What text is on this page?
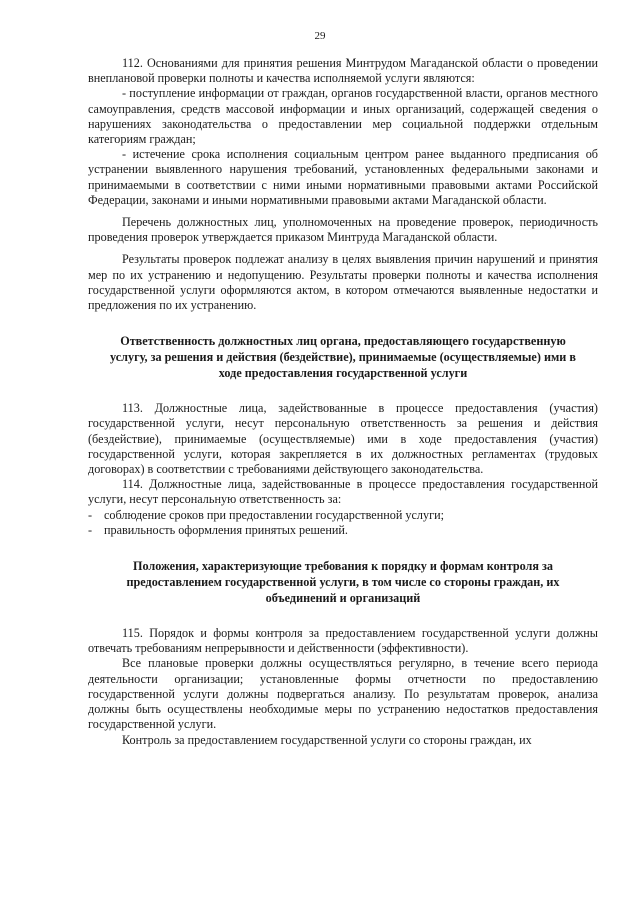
29

112. Основаниями для принятия решения Минтрудом Магаданской области о проведении внеплановой проверки полноты и качества исполняемой услуги являются:

- поступление информации от граждан, органов государственной власти, органов местного самоуправления, средств массовой информации и иных организаций, содержащей сведения о нарушениях законодательства о предоставлении мер социальной поддержки отдельным категориям граждан;

- истечение срока исполнения социальным центром ранее выданного предписания об устранении выявленного нарушения требований, установленных федеральными законами и принимаемыми в соответствии с ними иными нормативными правовыми актами Российской Федерации, законами и иными нормативными правовыми актами Магаданской области.

Перечень должностных лиц, уполномоченных на проведение проверок, периодичность проведения проверок утверждается приказом Минтруда Магаданской области.

Результаты проверок подлежат анализу в целях выявления причин нарушений и принятия мер по их устранению и недопущению. Результаты проверки полноты и качества исполнения государственной услуги оформляются актом, в котором отмечаются выявленные недостатки и предложения по их устранению.

Ответственность должностных лиц органа, предоставляющего государственную услугу, за решения и действия (бездействие), принимаемые (осуществляемые) ими в ходе предоставления государственной услуги

113. Должностные лица, задействованные в процессе предоставления (участия) государственной услуги, несут персональную ответственность за решения и действия (бездействие), принимаемые (осуществляемые) ими в ходе предоставления (участия) государственной услуги, которая закрепляется в их должностных регламентах (трудовых договорах) в соответствии с требованиями действующего законодательства.

114. Должностные лица, задействованные в процессе предоставления государственной услуги, несут персональную ответственность за:

- соблюдение сроков при предоставлении государственной услуги;

- правильность оформления принятых решений.

Положения, характеризующие требования к порядку и формам контроля за предоставлением государственной услуги, в том числе со стороны граждан, их объединений и организаций

115. Порядок и формы контроля за предоставлением государственной услуги должны отвечать требованиям непрерывности и действенности (эффективности).

Все плановые проверки должны осуществляться регулярно, в течение всего периода деятельности организации; установленные формы отчетности по предоставлению государственной услуги должны подвергаться анализу. По результатам проверок, анализа должны быть осуществлены необходимые меры по устранению недостатков предоставления государственной услуги.

Контроль за предоставлением государственной услуги со стороны граждан, их
